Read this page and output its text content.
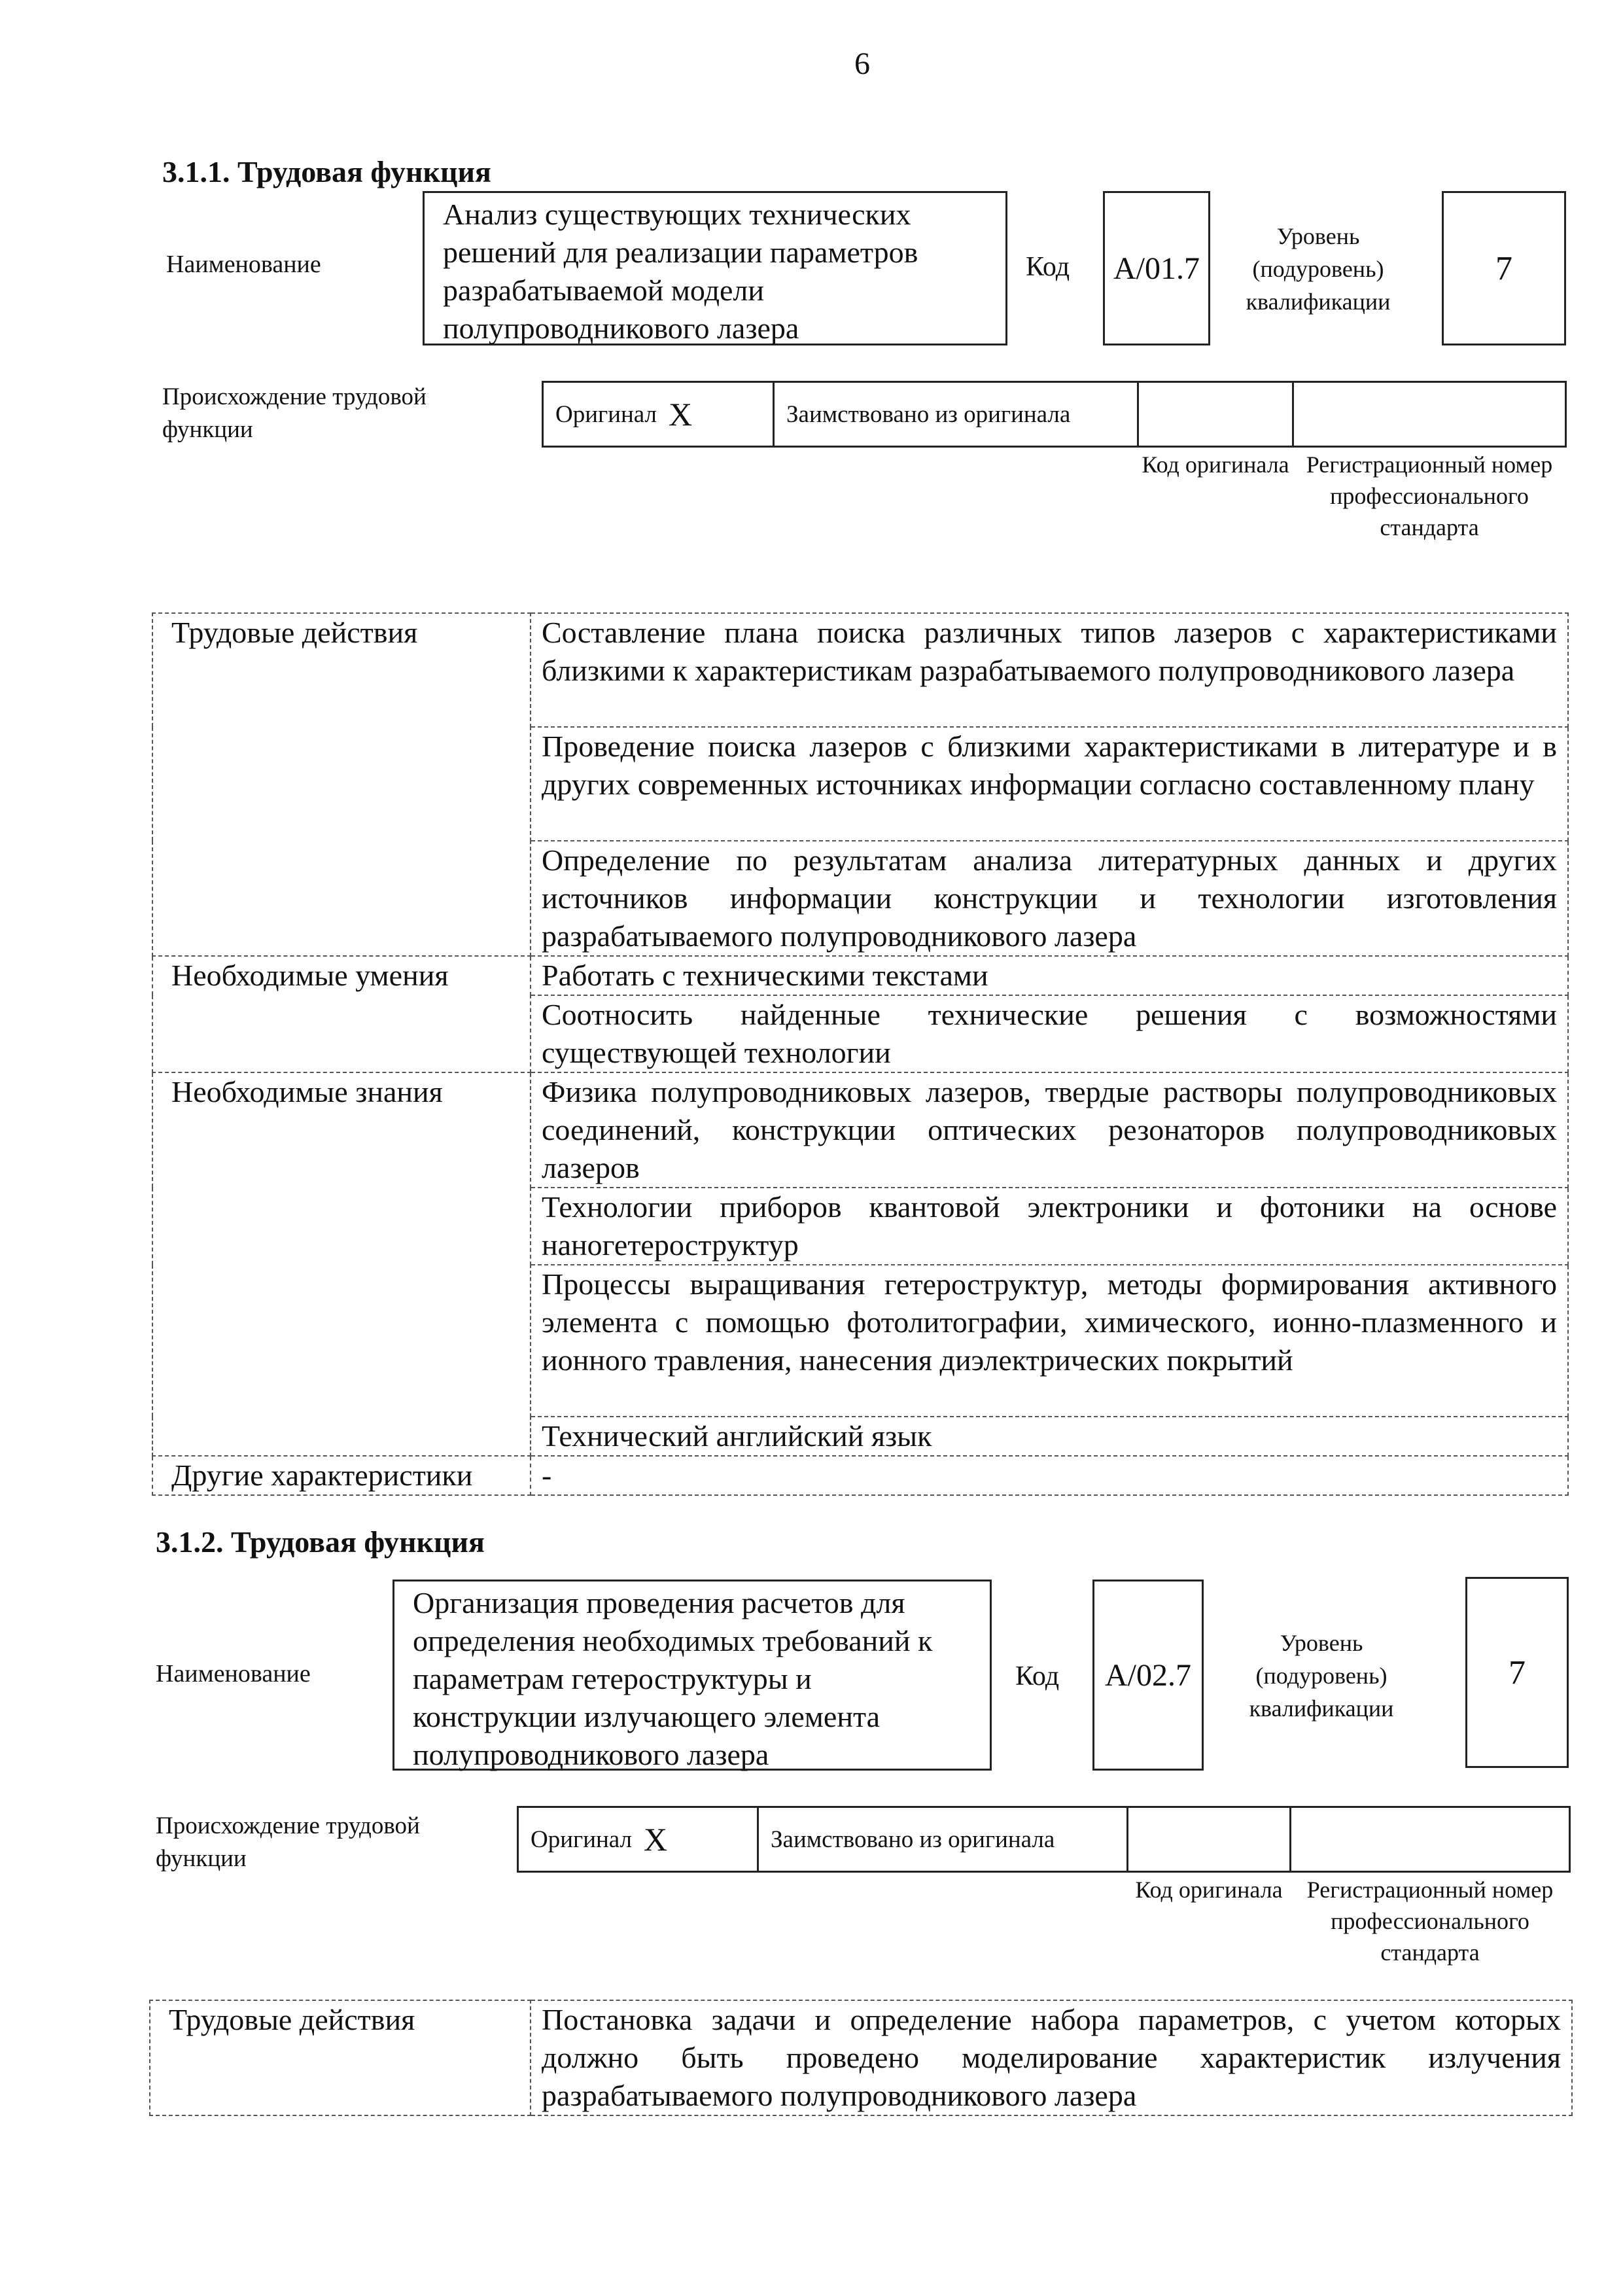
6
3.1.1. Трудовая функция
Наименование
Анализ существующих технических решений для реализации параметров разрабатываемой модели полупроводникового лазера
Код	A/01.7
Уровень (подуровень) квалификации
7
Происхождение трудовой функции
Оригинал X	Заимствовано из оригинала
Код оригинала Регистрационный номер профессионального стандарта
Трудовые действия	Составление плана поиска различных типов лазеров с характеристиками близкими к характеристикам разрабатываемого полупроводникового лазера
	Проведение поиска лазеров с близкими характеристиками в литературе и в других современных источниках информации согласно составленному плану
	Определение по результатам анализа литературных данных и других источников информации конструкции и технологии изготовления разрабатываемого полупроводникового лазера
Необходимые умения	Работать с техническими текстами
	Соотносить найденные технические решения с возможностями существующей технологии
Необходимые знания	Физика полупроводниковых лазеров, твердые растворы полупроводниковых соединений, конструкции оптических резонаторов полупроводниковых лазеров
	Технологии приборов квантовой электроники и фотоники на основе наногетероструктур
	Процессы выращивания гетероструктур, методы формирования активного элемента с помощью фотолитографии, химического, ионно-плазменного и ионного травления, нанесения диэлектрических покрытий
	Технический английский язык
Другие характеристики	-
3.1.2. Трудовая функция
Наименование
Организация проведения расчетов для определения необходимых требований к параметрам гетероструктуры и конструкции излучающего элемента полупроводникового лазера
Код	A/02.7
Уровень (подуровень) квалификации
7
Происхождение трудовой функции
Оригинал X	Заимствовано из оригинала
Код оригинала	Регистрационный номер профессионального стандарта
Трудовые действия	Постановка задачи и определение набора параметров, с учетом которых должно быть проведено моделирование характеристик излучения разрабатываемого полупроводникового лазера
